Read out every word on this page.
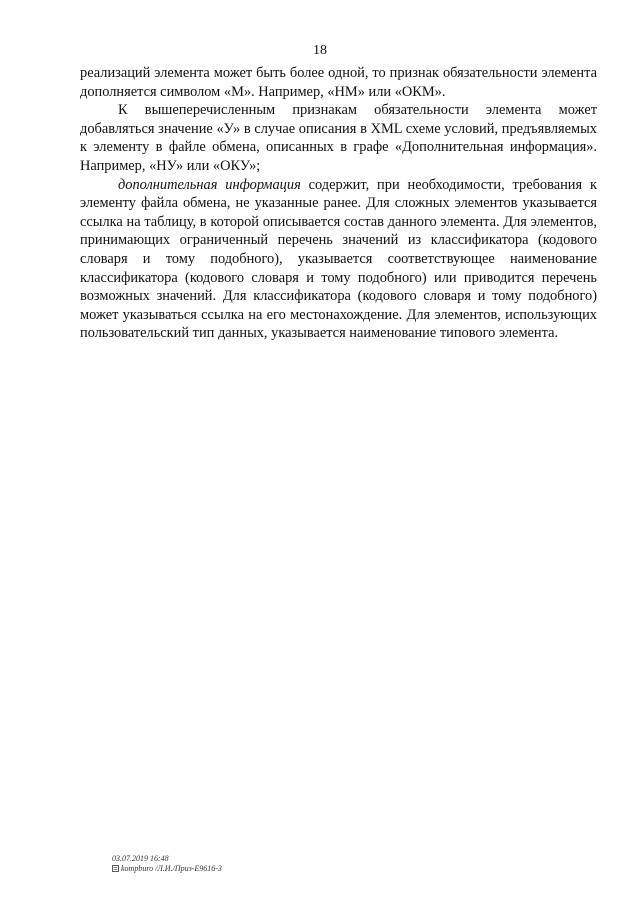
18

реализаций элемента может быть более одной, то признак обязательности элемента дополняется символом «М». Например, «НМ» или «ОКМ».

К вышеперечисленным признакам обязательности элемента может добавляться значение «У» в случае описания в XML схеме условий, предъявляемых к элементу в файле обмена, описанных в графе «Дополнительная информация». Например, «НУ» или «ОКУ»;

дополнительная информация содержит, при необходимости, требования к элементу файла обмена, не указанные ранее. Для сложных элементов указывается ссылка на таблицу, в которой описывается состав данного элемента. Для элементов, принимающих ограниченный перечень значений из классификатора (кодового словаря и тому подобного), указывается соответствующее наименование классификатора (кодового словаря и тому подобного) или приводится перечень возможных значений. Для классификатора (кодового словаря и тому подобного) может указываться ссылка на его местонахождение. Для элементов, использующих пользовательский тип данных, указывается наименование типового элемента.

03.07.2019 16:48
kompburo /Л.И./Приз-Е9616-3
